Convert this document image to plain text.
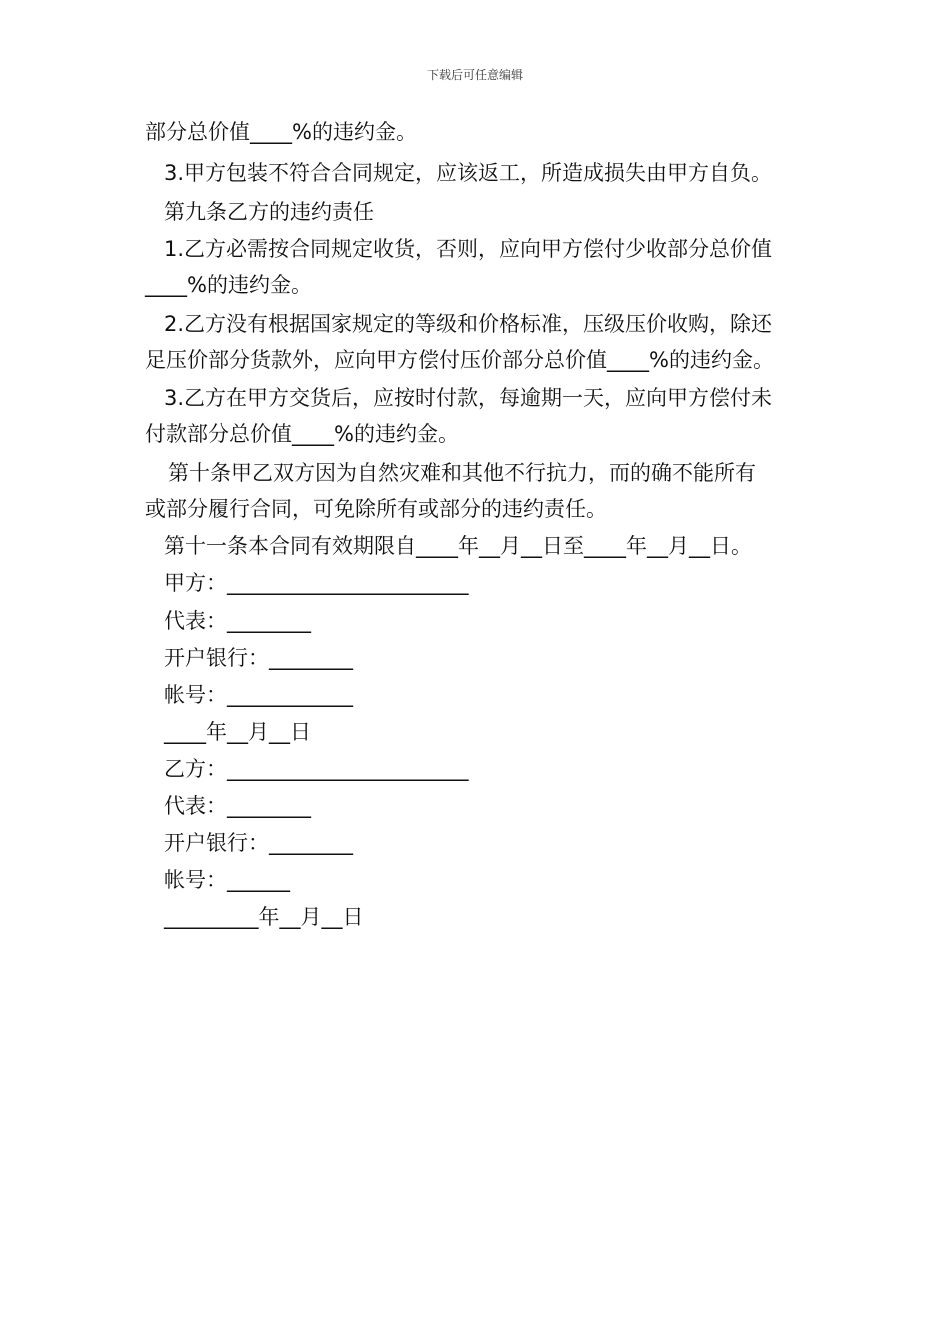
下载后可任意编辑
部分总价值____%的违约金。
3.甲方包装不符合合同规定，应该返工，所造成损失由甲方自负。
第九条乙方的违约责任
1.乙方必需按合同规定收货，否则，应向甲方偿付少收部分总价值
____%的违约金。
2.乙方没有根据国家规定的等级和价格标准，压级压价收购，除还
足压价部分货款外，应向甲方偿付压价部分总价值____%的违约金。
3.乙方在甲方交货后，应按时付款，每逾期一天，应向甲方偿付未
付款部分总价值____%的违约金。
第十条甲乙双方因为自然灾难和其他不行抗力，而的确不能所有
或部分履行合同，可免除所有或部分的违约责任。
第十一条本合同有效期限自____年__月__日至____年__月__日。
甲方：_______________________
代表：________
开户银行：________
帐号：____________
____年__月__日
乙方：_______________________
代表：________
开户银行：________
帐号：______
_________年__月__日
